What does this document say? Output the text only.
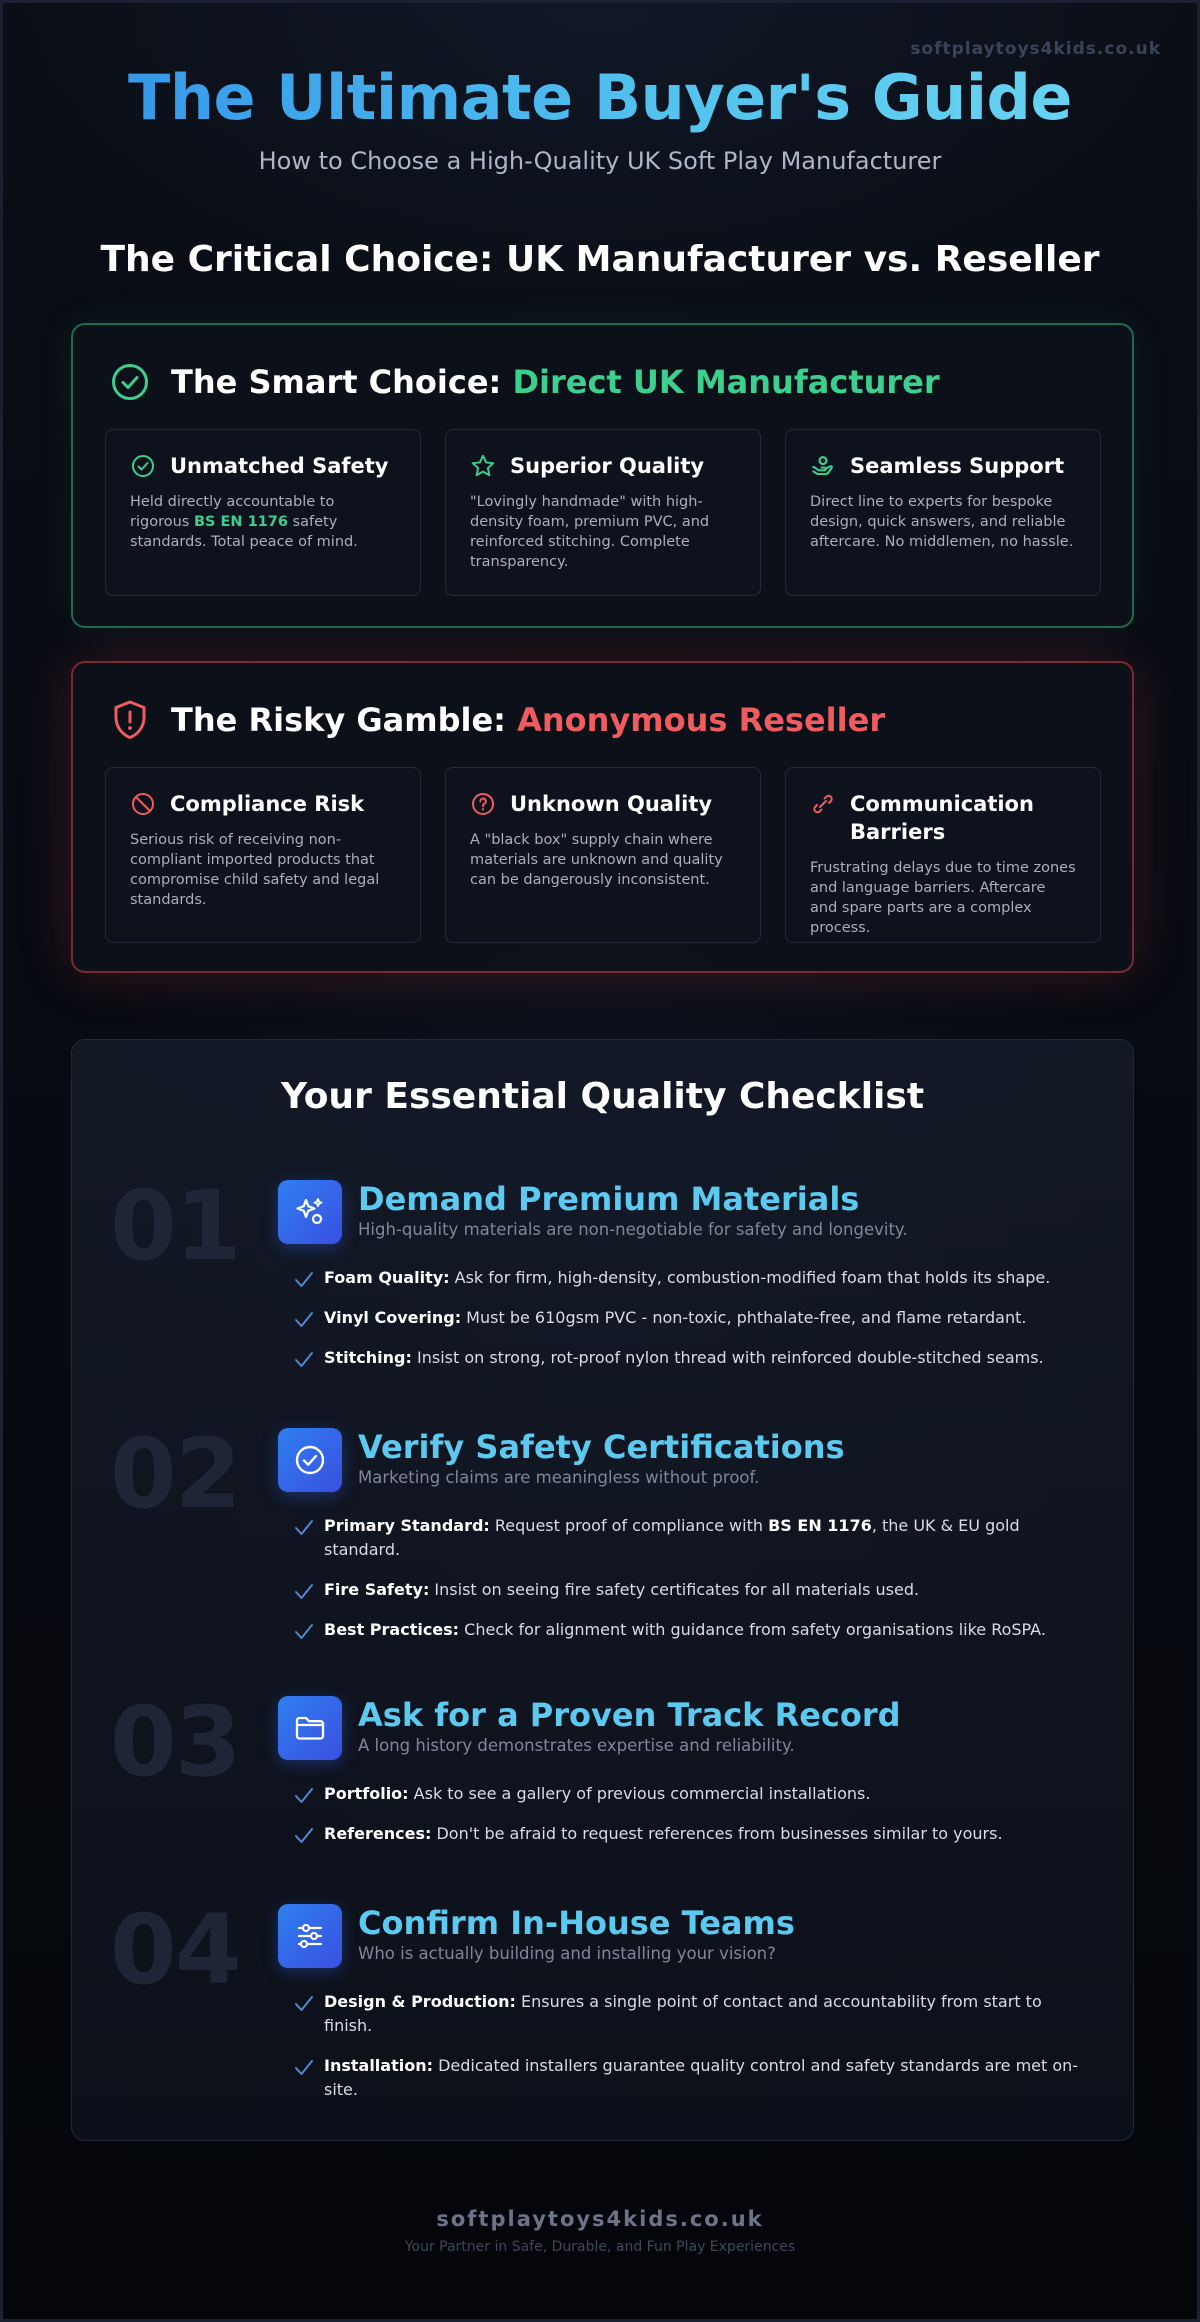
softplaytoys4kids.co.uk
The Ultimate Buyer's Guide
How to Choose a High-Quality UK Soft Play Manufacturer
The Critical Choice: UK Manufacturer vs. Reseller
The Smart Choice: Direct UK Manufacturer
Unmatched Safety
Held directly accountable to rigorous BS EN 1176 safety standards. Total peace of mind.
Superior Quality
"Lovingly handmade" with high-density foam, premium PVC, and reinforced stitching. Complete transparency.
Seamless Support
Direct line to experts for bespoke design, quick answers, and reliable aftercare. No middlemen, no hassle.
The Risky Gamble: Anonymous Reseller
Compliance Risk
Serious risk of receiving non-compliant imported products that compromise child safety and legal standards.
Unknown Quality
A "black box" supply chain where materials are unknown and quality can be dangerously inconsistent.
Communication Barriers
Frustrating delays due to time zones and language barriers. Aftercare and spare parts are a complex process.
Your Essential Quality Checklist
01	Demand Premium Materials
High-quality materials are non-negotiable for safety and longevity.
Foam Quality: Ask for firm, high-density, combustion-modified foam that holds its shape.
Vinyl Covering: Must be 610gsm PVC - non-toxic, phthalate-free, and flame retardant.
Stitching: Insist on strong, rot-proof nylon thread with reinforced double-stitched seams.
02	Verify Safety Certifications
Marketing claims are meaningless without proof.
Primary Standard: Request proof of compliance with BS EN 1176, the UK & EU gold standard.
Fire Safety: Insist on seeing fire safety certificates for all materials used.
Best Practices: Check for alignment with guidance from safety organisations like RoSPA.
03	Ask for a Proven Track Record
A long history demonstrates expertise and reliability.
Portfolio: Ask to see a gallery of previous commercial installations.
References: Don't be afraid to request references from businesses similar to yours.
04	Confirm In-House Teams
Who is actually building and installing your vision?
Design & Production: Ensures a single point of contact and accountability from start to finish.
Installation: Dedicated installers guarantee quality control and safety standards are met on-site.
softplaytoys4kids.co.uk
Your Partner in Safe, Durable, and Fun Play Experiences
